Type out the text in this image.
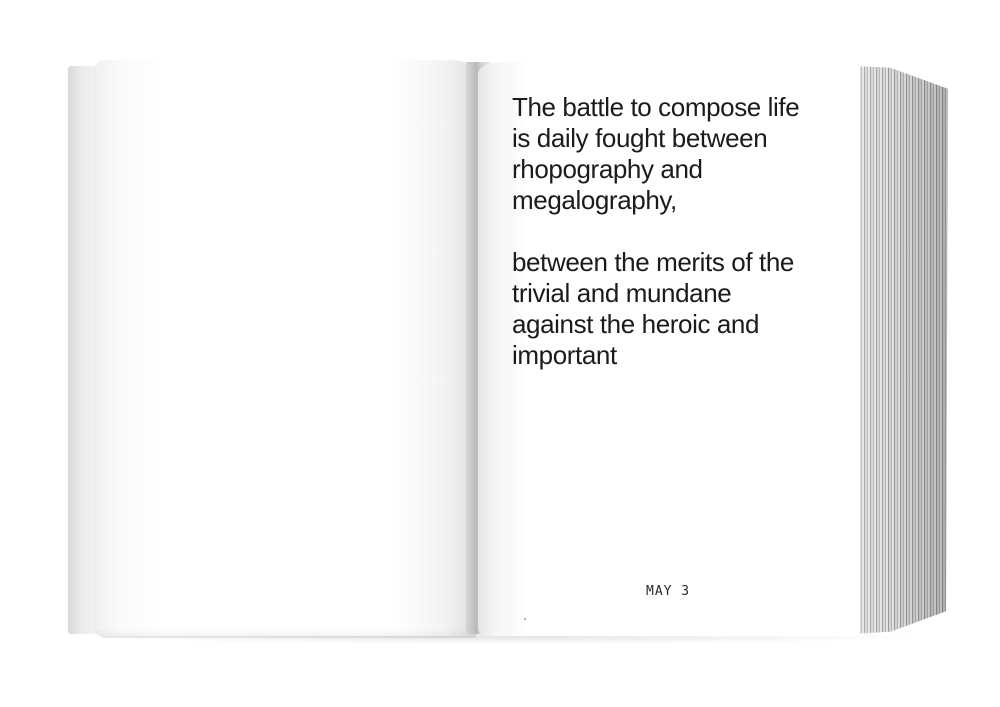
The battle to compose life
is daily fought between
rhopography and
megalography,

between the merits of the
trivial and mundane
against the heroic and
important

MAY 3
